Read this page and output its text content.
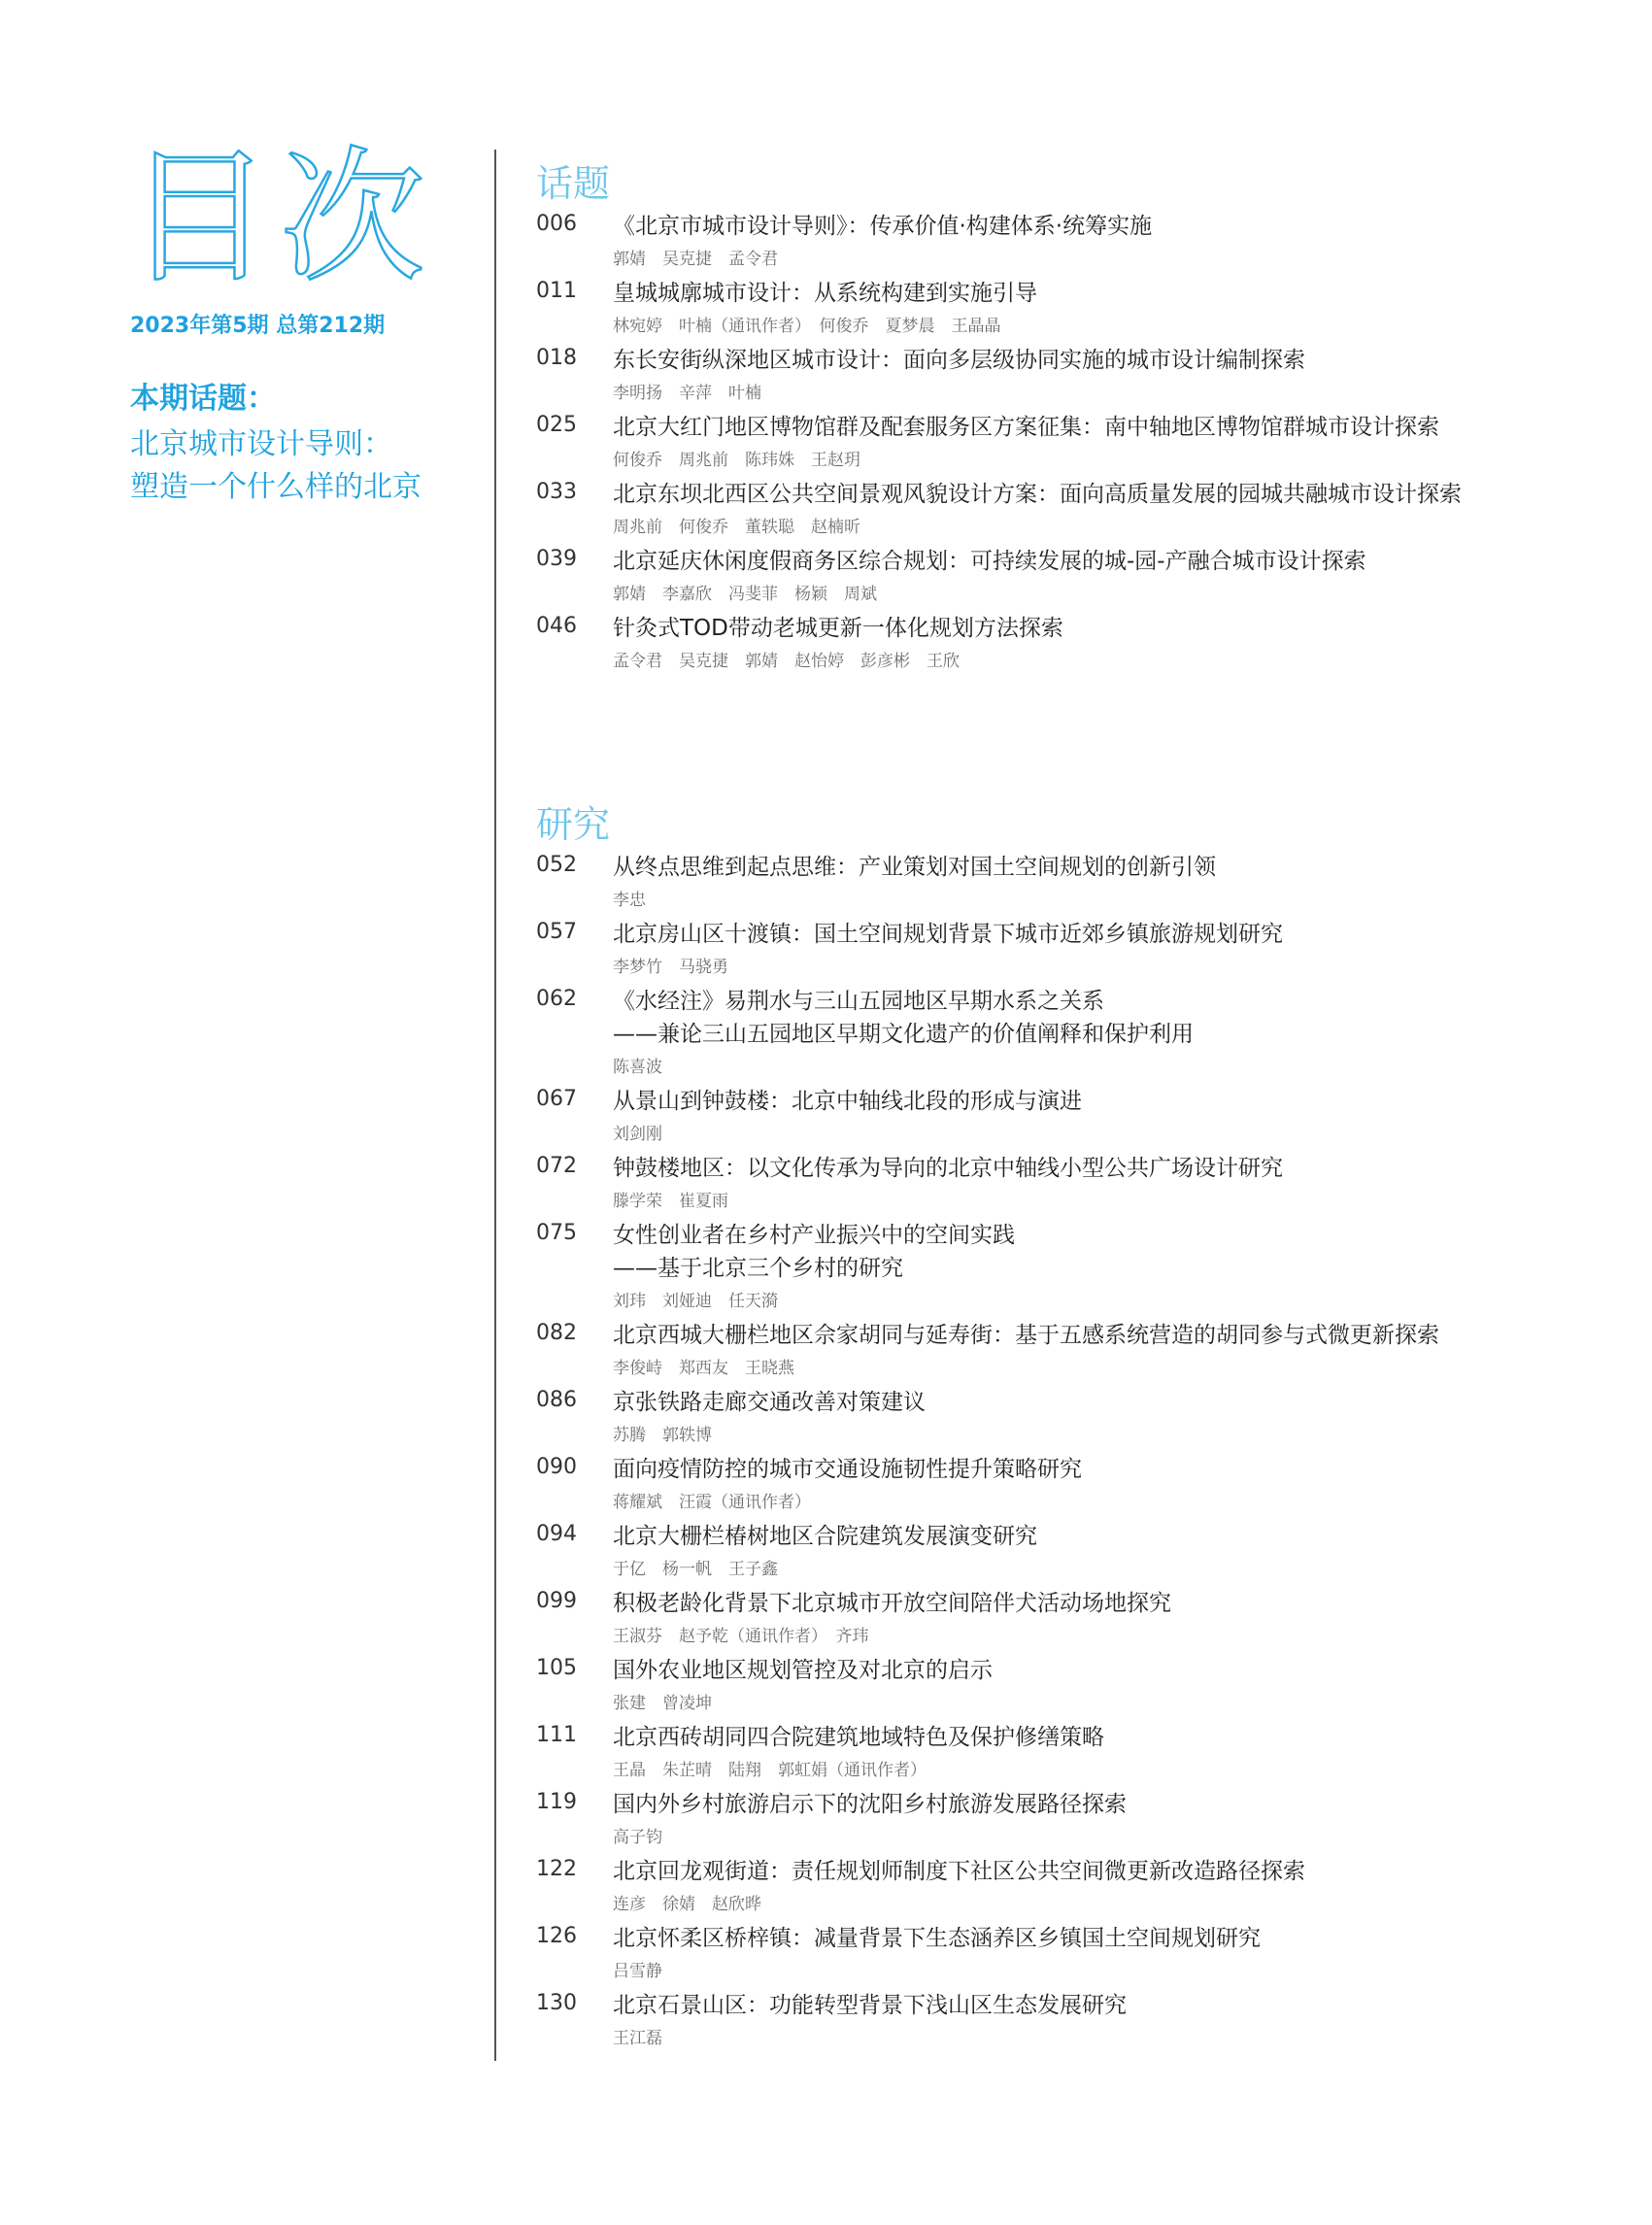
目次
2023年第5期 总第212期
本期话题：
北京城市设计导则：
塑造一个什么样的北京
话题
006 《北京市城市设计导则》：传承价值·构建体系·统筹实施
郭婧　吴克捷　孟令君
011 皇城城廓城市设计：从系统构建到实施引导
林宛婷　叶楠（通讯作者）　何俊乔　夏梦晨　王晶晶
018 东长安街纵深地区城市设计：面向多层级协同实施的城市设计编制探索
李明扬　辛萍　叶楠
025 北京大红门地区博物馆群及配套服务区方案征集：南中轴地区博物馆群城市设计探索
何俊乔　周兆前　陈玮姝　王赵玥
033 北京东坝北西区公共空间景观风貌设计方案：面向高质量发展的园城共融城市设计探索
周兆前　何俊乔　董轶聪　赵楠昕
039 北京延庆休闲度假商务区综合规划：可持续发展的城-园-产融合城市设计探索
郭婧　李嘉欣　冯斐菲　杨颖　周斌
046 针灸式TOD带动老城更新一体化规划方法探索
孟令君　吴克捷　郭婧　赵怡婷　彭彦彬　王欣
研究
052 从终点思维到起点思维：产业策划对国土空间规划的创新引领
李忠
057 北京房山区十渡镇：国土空间规划背景下城市近郊乡镇旅游规划研究
李梦竹　马骁勇
062 《水经注》易荆水与三山五园地区早期水系之关系
——兼论三山五园地区早期文化遗产的价值阐释和保护利用
陈喜波
067 从景山到钟鼓楼：北京中轴线北段的形成与演进
刘剑刚
072 钟鼓楼地区：以文化传承为导向的北京中轴线小型公共广场设计研究
滕学荣　崔夏雨
075 女性创业者在乡村产业振兴中的空间实践
——基于北京三个乡村的研究
刘玮　刘娅迪　任天漪
082 北京西城大栅栏地区佘家胡同与延寿街：基于五感系统营造的胡同参与式微更新探索
李俊峙　郑西友　王晓燕
086 京张铁路走廊交通改善对策建议
苏腾　郭轶博
090 面向疫情防控的城市交通设施韧性提升策略研究
蒋耀斌　汪霞（通讯作者）
094 北京大栅栏椿树地区合院建筑发展演变研究
于亿　杨一帆　王子鑫
099 积极老龄化背景下北京城市开放空间陪伴犬活动场地探究
王淑芬　赵予乾（通讯作者）　齐玮
105 国外农业地区规划管控及对北京的启示
张建　曾凌坤
111 北京西砖胡同四合院建筑地域特色及保护修缮策略
王晶　朱芷晴　陆翔　郭虹娟（通讯作者）
119 国内外乡村旅游启示下的沈阳乡村旅游发展路径探索
高子钧
122 北京回龙观街道：责任规划师制度下社区公共空间微更新改造路径探索
连彦　徐婧　赵欣晔
126 北京怀柔区桥梓镇：减量背景下生态涵养区乡镇国土空间规划研究
吕雪静
130 北京石景山区：功能转型背景下浅山区生态发展研究
王江磊
